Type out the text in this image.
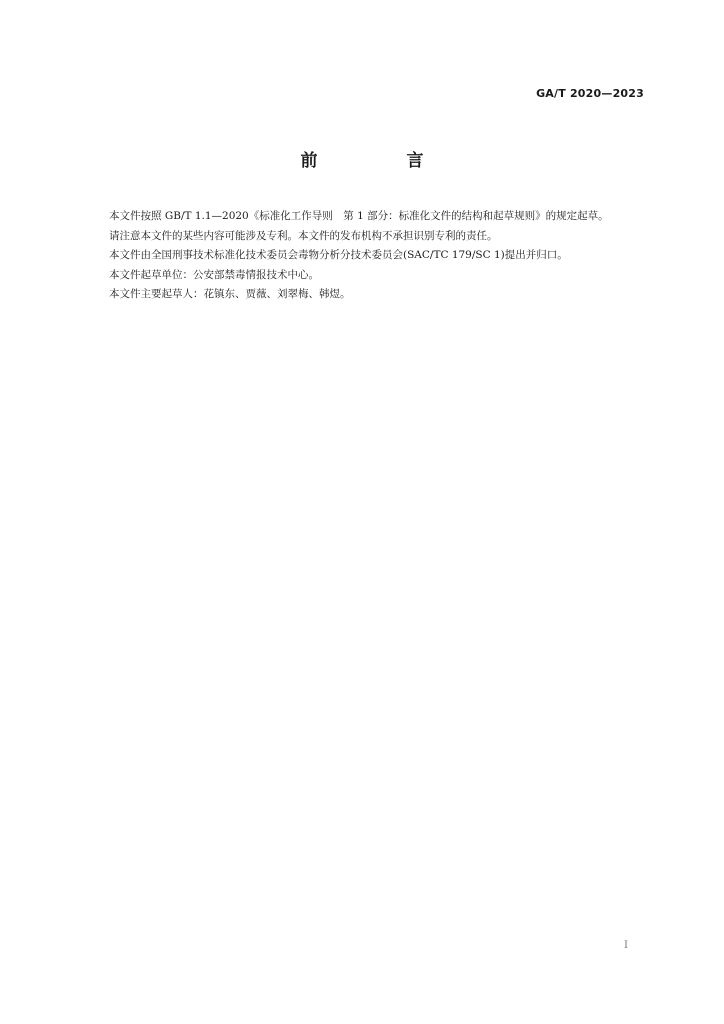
GA/T 2020—2023
前　言

本文件按照 GB/T 1.1—2020《标准化工作导则　第 1 部分：标准化文件的结构和起草规则》的规定起草。

请注意本文件的某些内容可能涉及专利。本文件的发布机构不承担识别专利的责任。

本文件由全国刑事技术标准化技术委员会毒物分析分技术委员会(SAC/TC 179/SC 1)提出并归口。

本文件起草单位：公安部禁毒情报技术中心。

本文件主要起草人：花镇东、贾薇、刘翠梅、韩煜。

I
